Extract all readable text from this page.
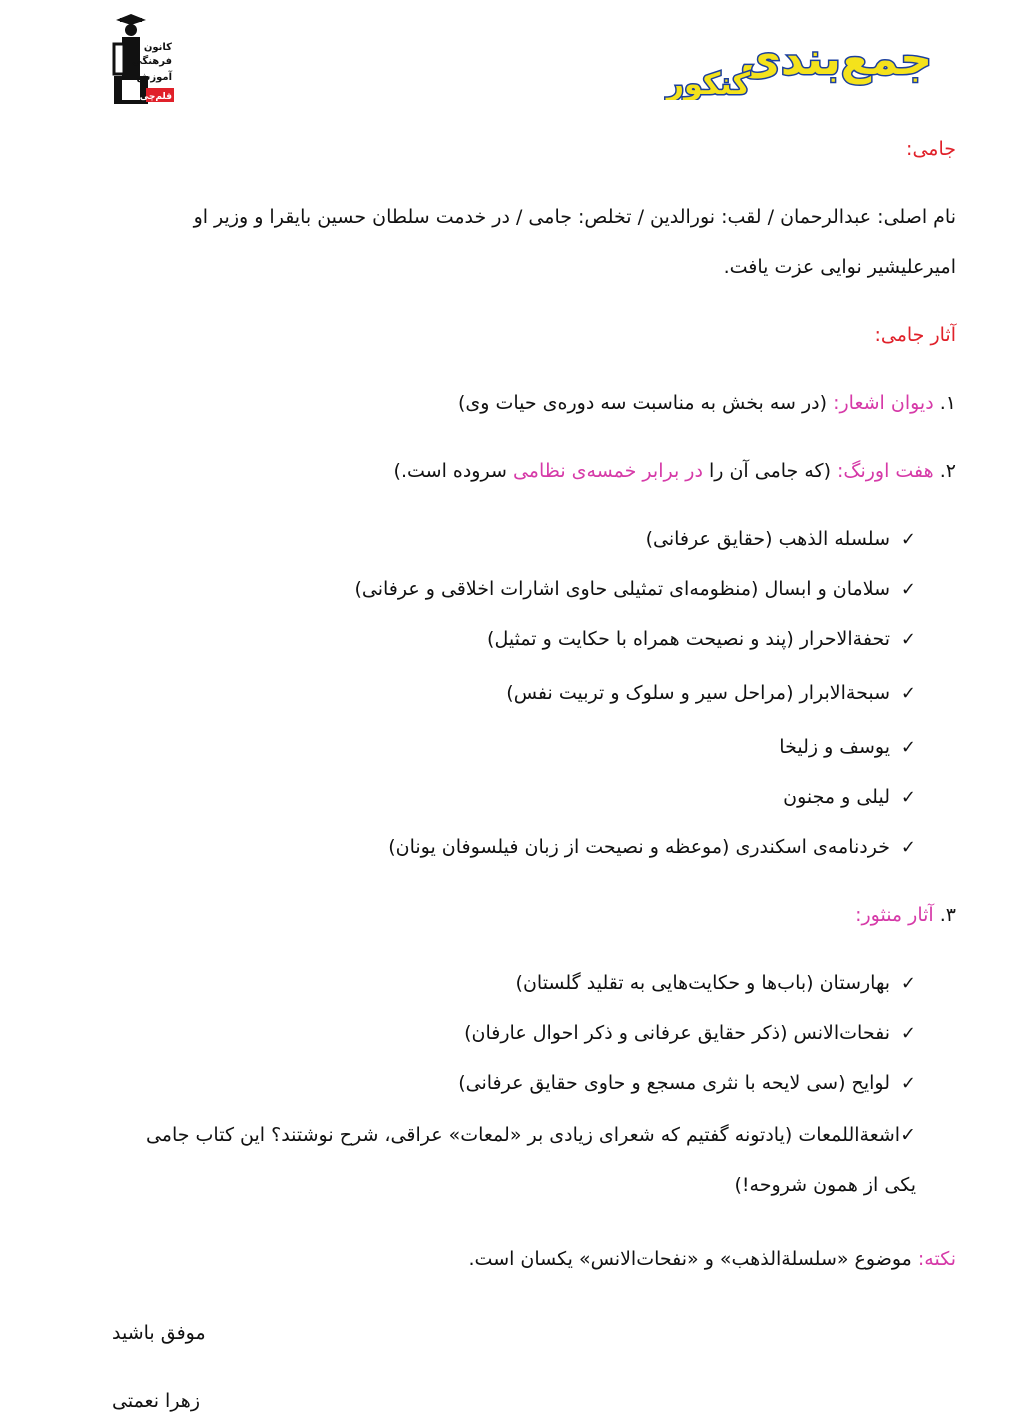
کانون
فرهنگی
آموزش
قلم‌چی
جمع‌بندی
کنکور
جامی:
نام اصلی: عبدالرحمان / لقب: نورالدین / تخلص: جامی / در خدمت سلطان حسین بایقرا و وزیر او
امیرعلیشیر نوایی عزت یافت.
آثار جامی:
۱. دیوان اشعار: (در سه بخش به مناسبت سه دوره‌ی حیات وی)
۲. هفت اورنگ: (که جامی آن را در برابر خمسه‌ی نظامی سروده است.)
✓سلسله الذهب (حقایق عرفانی)
✓سلامان و ابسال (منظومه‌ای تمثیلی حاوی اشارات اخلاقی و عرفانی)
✓تحفة‌الاحرار (پند و نصیحت همراه با حکایت و تمثیل)
✓سبحة‌الابرار (مراحل سیر و سلوک و تربیت نفس)
✓یوسف و زلیخا
✓لیلی و مجنون
✓خردنامه‌ی اسکندری (موعظه و نصیحت از زبان فیلسوفان یونان)
۳. آثار منثور:
✓بهارستان (باب‌ها و حکایت‌هایی به تقلید گلستان)
✓نفحات‌الانس (ذکر حقایق عرفانی و ذکر احوال عارفان)
✓لوایح (سی لایحه با نثری مسجع و حاوی حقایق عرفانی)
✓اشعة‌اللمعات (یادتونه گفتیم که شعرای زیادی بر «لمعات» عراقی، شرح نوشتند؟ این کتاب جامی یکی از همون شروحه!)
نکته: موضوع «سلسلة‌الذهب» و «نفحات‌الانس» یکسان است.
موفق باشید
زهرا نعمتی
